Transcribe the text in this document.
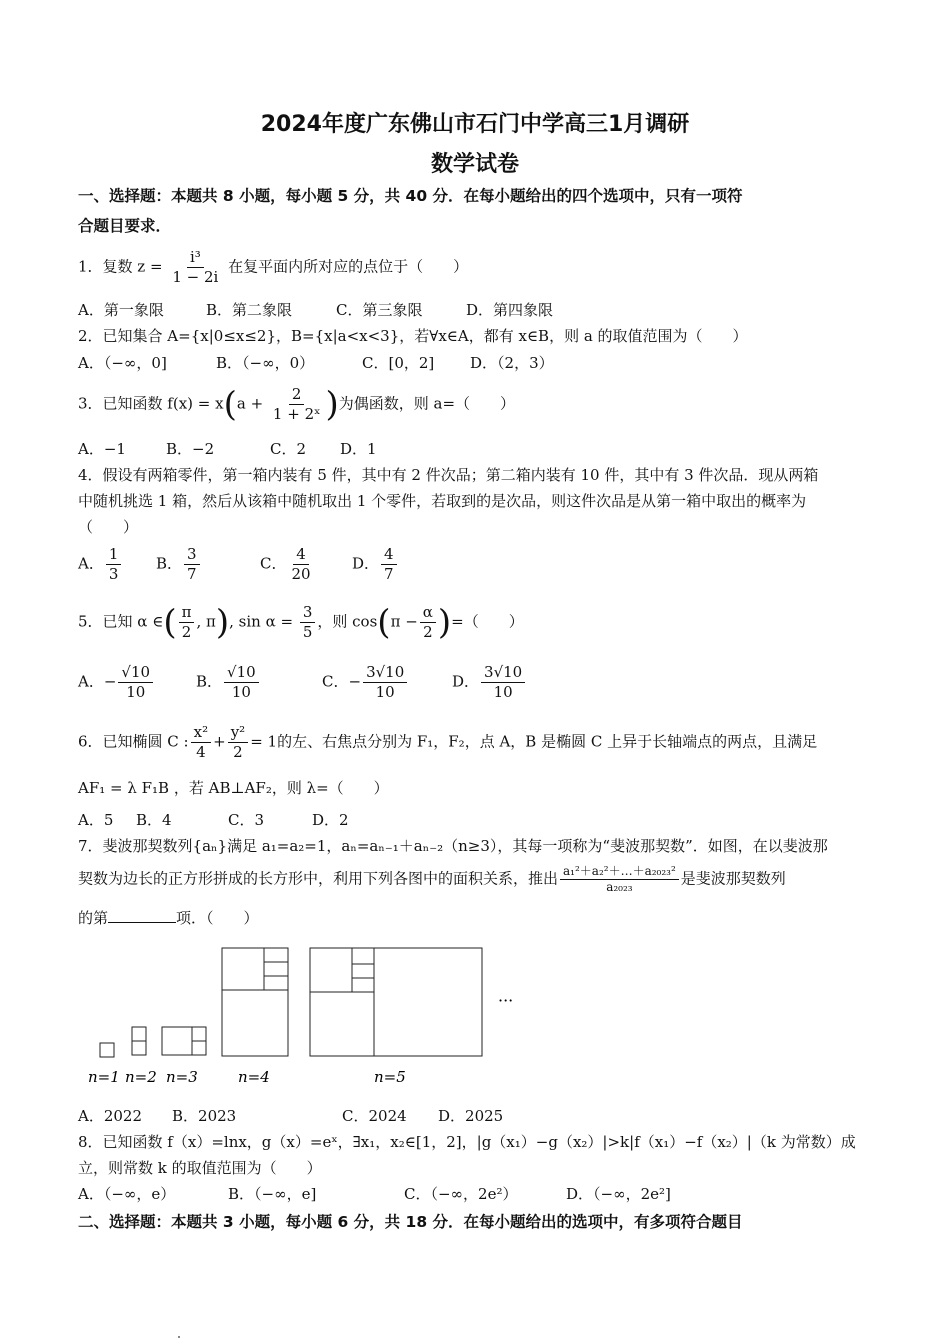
2024年度广东佛山市石门中学高三1月调研
数学试卷
一、选择题：本题共 8 小题，每小题 5 分，共 40 分．在每小题给出的四个选项中，只有一项符
合题目要求．
1．复数 $z = \frac{\text{i³}}{1 - 2i}$ 在复平面内所对应的点位于（　　）
A．第一象限	B．第二象限	C．第三象限	D．第四象限
2．已知集合 A={x|0≤x≤2}，B={x|a<x<3}，若∀x∈A，都有 x∈B，则 a 的取值范围为（　　）
A．（−∞，0]	B．（−∞，0）	C．[0，2] D．（2，3）
3．已知函数 $f(x) = x(a + \frac{2}{\text{1 + 2ˣ}}$ )为偶函数，则 a=（　　）
A．−1	B．−2	C．2 D．1
4．假设有两箱零件，第一箱内装有 5 件，其中有 2 件次品；第二箱内装有 10 件，其中有 3 件次品．现从两箱
中随机挑选 1 箱，然后从该箱中随机取出 1 个零件，若取到的是次品，则这件次品是从第一箱中取出的概率为
（　　）
A． $\frac{1}{3}$ B． $\frac{3}{7}$	C． $\frac{4}{20}$	D． $\frac{4}{7}$
5．已知 α ∈( $\frac{\pi}{2}$ , π), $\sin \alpha = \frac{3}{5}$ ，则 $\cos(\pi - \frac{\alpha}{2}$ )=（　　）
A．− $\frac{√10}{10}$	B． $\frac{√10}{10}$	C．− $\frac{3√10}{10}$	D． $\frac{3√10}{10}$
6．已知椭圆 C : $\frac{\text{x²}}{4} + \frac{\text{y²}}{2} = 1$的左、右焦点分别为 F₁，F₂，点 A，B 是椭圆 C 上异于长轴端点的两点，且满足
AF₁ = λ F₁B ，若 AB⊥AF₂，则 λ=（　　）
A．5 B．4	C．3	D．2
7．斐波那契数列{aₙ}满足 a₁=a₂=1，aₙ=aₙ₋₁＋aₙ₋₂（n≥3），其每一项称为“斐波那契数”．如图，在以斐波那
契数为边长的正方形拼成的长方形中，利用下列各图中的面积关系，推出 $\frac{\text{a₁²＋a₂²＋…＋a₂₀₂₃²}}{\text{a₂₀₂₃}}$ 是斐波那契数列
的第	项．（　　）
···
n=1 n=2 n=3	n=4	n=5
A．2022 B．2023	C．2024 D．2025
8．已知函数 f（x）=lnx，g（x）=eˣ，∃x₁，x₂∈[1，2]，|g（x₁）−g（x₂）|>k|f（x₁）−f（x₂）|（k 为常数）成
立，则常数 k 的取值范围为（　　）
A．（−∞，e）	B．（−∞，e]	C．（−∞，2e²）	D．（−∞，2e²]
二、选择题：本题共 3 小题，每小题 6 分，共 18 分．在每小题给出的选项中，有多项符合题目
